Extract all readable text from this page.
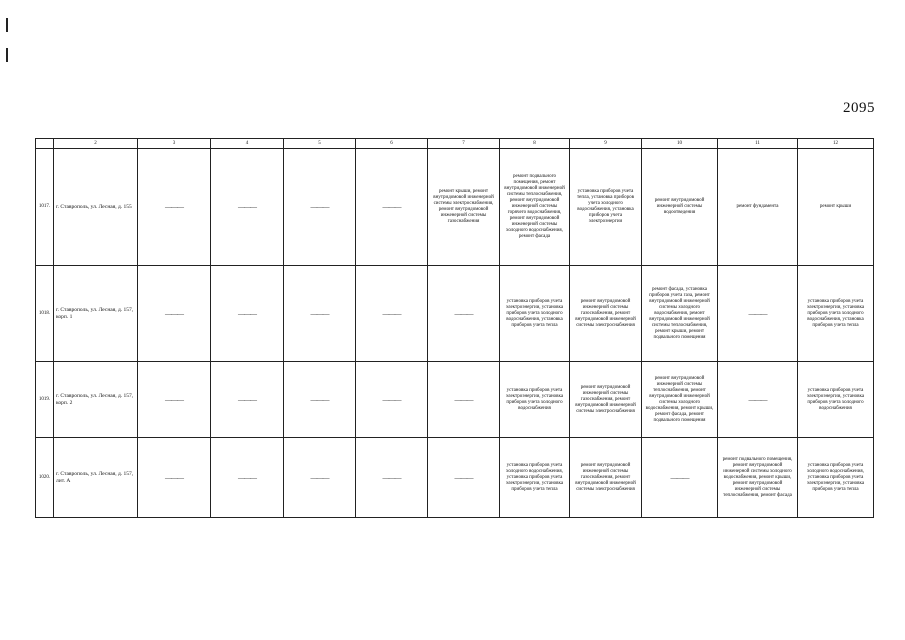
2095
	2	3	4	5	6	7	8	9	10	11	12
1017.	г. Ставрополь, ул. Лесная, д. 155	———	———	———	———	ремонт крыши, ремонт внутридомовой инженерной системы электроснабжения, ремонт внутридомовой инженерной системы газоснабжения	ремонт подвального помещения, ремонт внутридомовой инженерной системы теплоснабжения, ремонт внутридомовой инженерной системы горячего водоснабжения, ремонт внутридомовой инженерной системы холодного водоснабжения, ремонт фасада	установка приборов учета тепла, установка приборов учета холодного водоснабжения, установка приборов учета электроэнергии	ремонт внутридомовой инженерной системы водоотведения	ремонт фундамента	ремонт крыши
1018.	г. Ставрополь, ул. Лесная, д. 157, корп. 1	———	———	———	———	———	установка приборов учета электроэнергии, установка приборов учета холодного водоснабжения, установка приборов учета тепла	ремонт внутридомовой инженерной системы газоснабжения, ремонт внутридомовой инженерной системы электроснабжения	ремонт фасада, установка приборов учета газа, ремонт внутридомовой инженерной системы холодного водоснабжения, ремонт внутридомовой инженерной системы теплоснабжения, ремонт крыши, ремонт подвального помещения	———	установка приборов учета электроэнергии, установка приборов учета холодного водоснабжения, установка приборов учета тепла
1019.	г. Ставрополь, ул. Лесная, д. 157, корп. 2	———	———	———	———	———	установка приборов учета электроэнергии, установка приборов учета холодного водоснабжения	ремонт внутридомовой инженерной системы газоснабжения, ремонт внутридомовой инженерной системы электроснабжения	ремонт внутридомовой инженерной системы теплоснабжения, ремонт внутридомовой инженерной системы холодного водоснабжения, ремонт крыши, ремонт фасада, ремонт подвального помещения	———	установка приборов учета электроэнергии, установка приборов учета холодного водоснабжения
1020.	г. Ставрополь, ул. Лесная, д. 157, лит. А	———	———	———	———	———	установка приборов учета холодного водоснабжения, установка приборов учета электроэнергии, установка приборов учета тепла	ремонт внутридомовой инженерной системы газоснабжения, ремонт внутридомовой инженерной системы электроснабжения	———	ремонт подвального помещения, ремонт внутридомовой инженерной системы холодного водоснабжения, ремонт крыши, ремонт внутридомовой инженерной системы теплоснабжения, ремонт фасада	установка приборов учета холодного водоснабжения, установка приборов учета электроэнергии, установка приборов учета тепла
